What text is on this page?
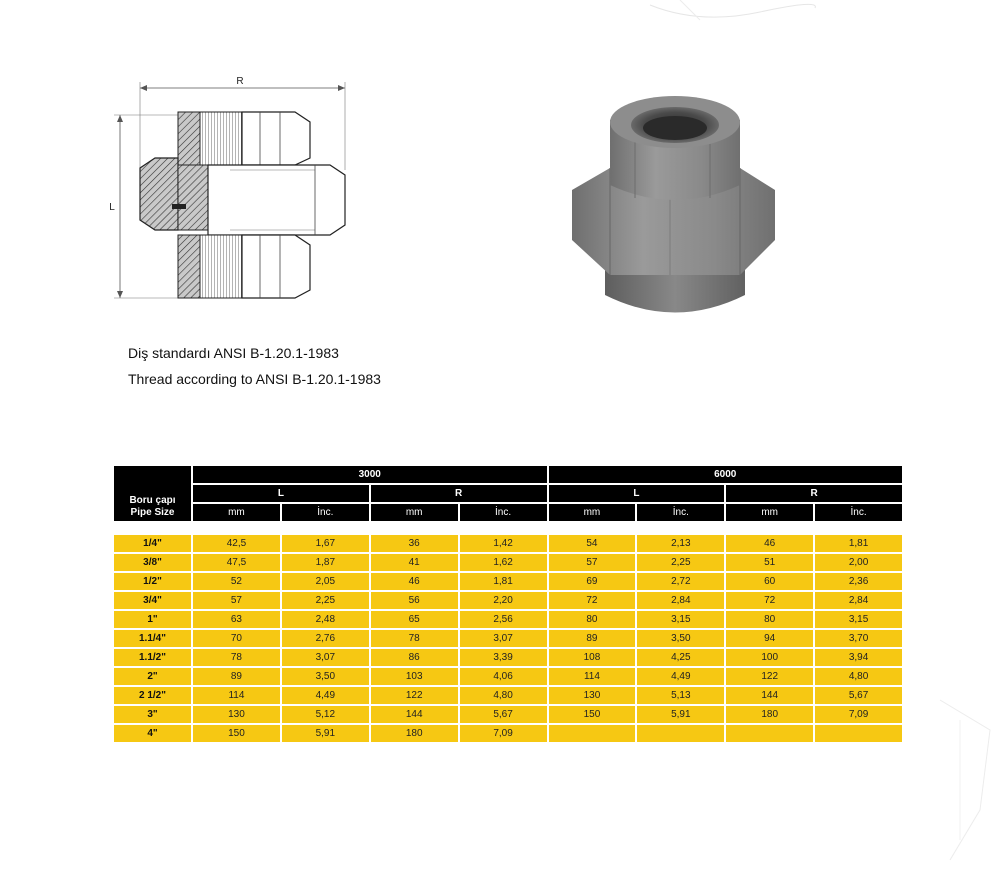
R
L
Diş standardı ANSI B-1.20.1-1983
Thread according to ANSI B-1.20.1-1983
Boru çapı
Pipe Size	3000				6000			
	L		R		L		R	
	mm	İnc.	mm	İnc.	mm	İnc.	mm	İnc.

1/4"	42,5	1,67	36	1,42	54	2,13	46	1,81
3/8"	47,5	1,87	41	1,62	57	2,25	51	2,00
1/2"	52	2,05	46	1,81	69	2,72	60	2,36
3/4"	57	2,25	56	2,20	72	2,84	72	2,84
1"	63	2,48	65	2,56	80	3,15	80	3,15
1.1/4"	70	2,76	78	3,07	89	3,50	94	3,70
1.1/2"	78	3,07	86	3,39	108	4,25	100	3,94
2"	89	3,50	103	4,06	114	4,49	122	4,80
2 1/2"	114	4,49	122	4,80	130	5,13	144	5,67
3"	130	5,12	144	5,67	150	5,91	180	7,09
4"	150	5,91	180	7,09				
